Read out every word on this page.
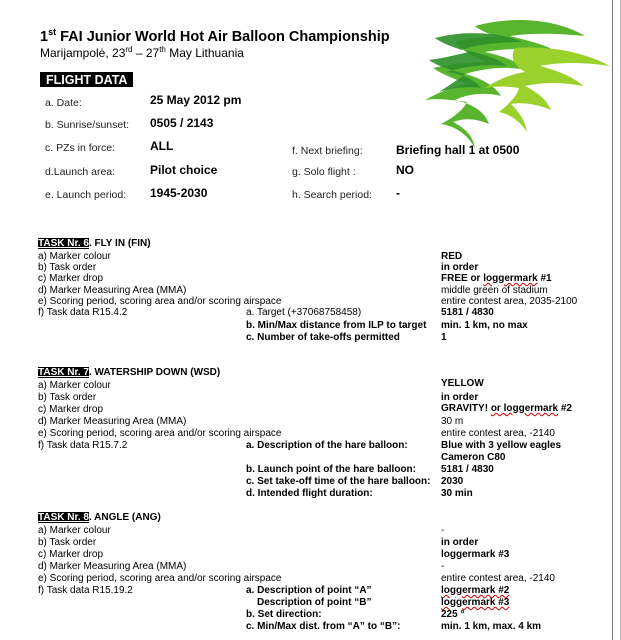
1st FAI Junior World Hot Air Balloon Championship
Marijampolė, 23rd – 27th May Lithuania
FLIGHT DATA
a. Date:	25 May 2012 pm
b. Sunrise/sunset: 0505 / 2143
c. PZs in force:	ALL
d.Launch area:	Pilot choice
e. Launch period: 1945-2030
f. Next briefing:	Briefing hall 1 at 0500
g. Solo flight :	NO
h. Search period: -
TASK Nr. 6. FLY IN (FIN)
a) Marker colour	RED
b) Task order	in order
c) Marker drop	FREE or loggermark #1
d) Marker Measuring Area (MMA)	middle green of stadium
e) Scoring period, scoring area and/or scoring airspace	entire contest area, 2035-2100
f) Task data R15.4.2	a. Target (+37068758458)	5181 / 4830
b. Min/Max distance from ILP to target min. 1 km, no max
c. Number of take-offs permitted	1
TASK Nr. 7. WATERSHIP DOWN (WSD)
a) Marker colour	YELLOW
b) Task order	in order
c) Marker drop	GRAVITY! or loggermark #2
d) Marker Measuring Area (MMA)	30 m
e) Scoring period, scoring area and/or scoring airspace	entire contest area, -2140
f) Task data R15.7.2	a. Description of the hare balloon:	Blue with 3 yellow eagles
Cameron C80
b. Launch point of the hare balloon:	5181 / 4830
c. Set take-off time of the hare balloon: 2030
d. Intended flight duration:	30 min
TASK Nr. 8. ANGLE (ANG)
a) Marker colour	-
b) Task order	in order
c) Marker drop	loggermark #3
d) Marker Measuring Area (MMA)	-
e) Scoring period, scoring area and/or scoring airspace	entire contest area, -2140
f) Task data R15.19.2	a. Description of point “A”	loggermark #2
Description of point “B”	loggermark #3
b. Set direction:	225 °
c. Min/Max dist. from “A” to “B”:	min. 1 km, max. 4 km
